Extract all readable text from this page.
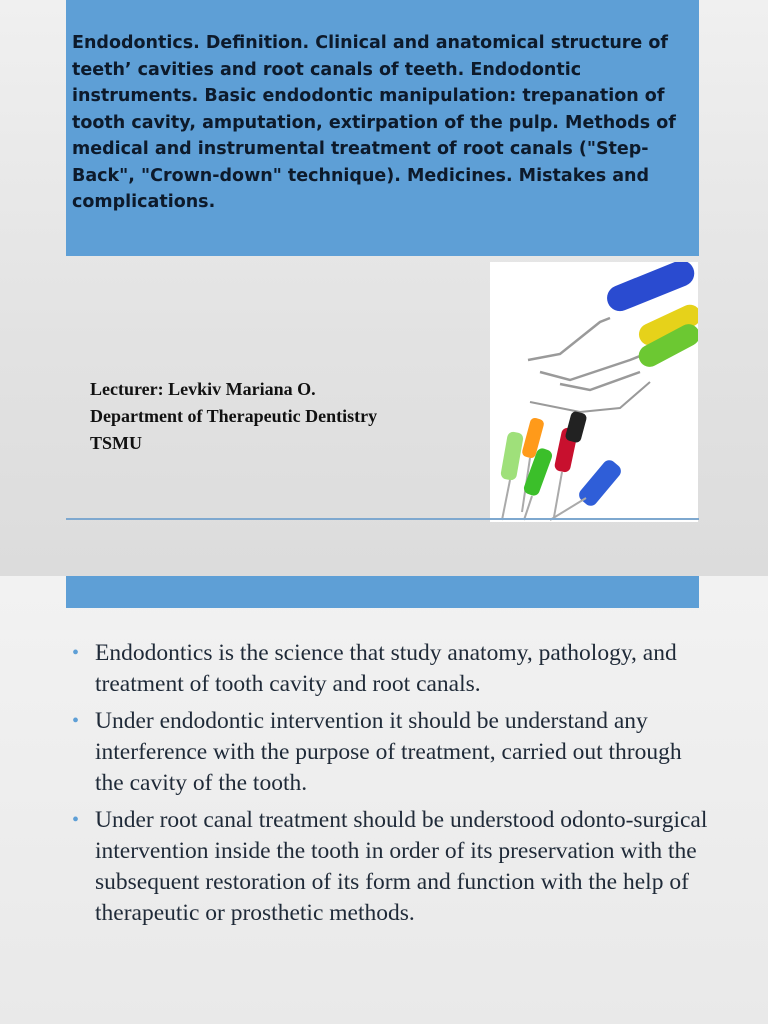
Endodontics. Definition. Clinical and anatomical structure of teeth’ cavities and root canals of teeth. Endodontic instruments. Basic endodontic manipulation: trepanation of tooth cavity, amputation, extirpation of the pulp. Methods of medical and instrumental treatment of root canals ("Step-Back", "Crown-down" technique). Medicines. Mistakes and complications.

Lecturer: Levkiv Mariana O.
Department of Therapeutic Dentistry
TSMU
• Endodontics is the science that study anatomy, pathology, and treatment of tooth cavity and root canals.
• Under endodontic intervention it should be understand any interference with the purpose of treatment, carried out through the cavity of the tooth.
• Under root canal treatment should be understood odonto-surgical intervention inside the tooth in order of its preservation with the subsequent restoration of its form and function with the help of therapeutic or prosthetic methods.
